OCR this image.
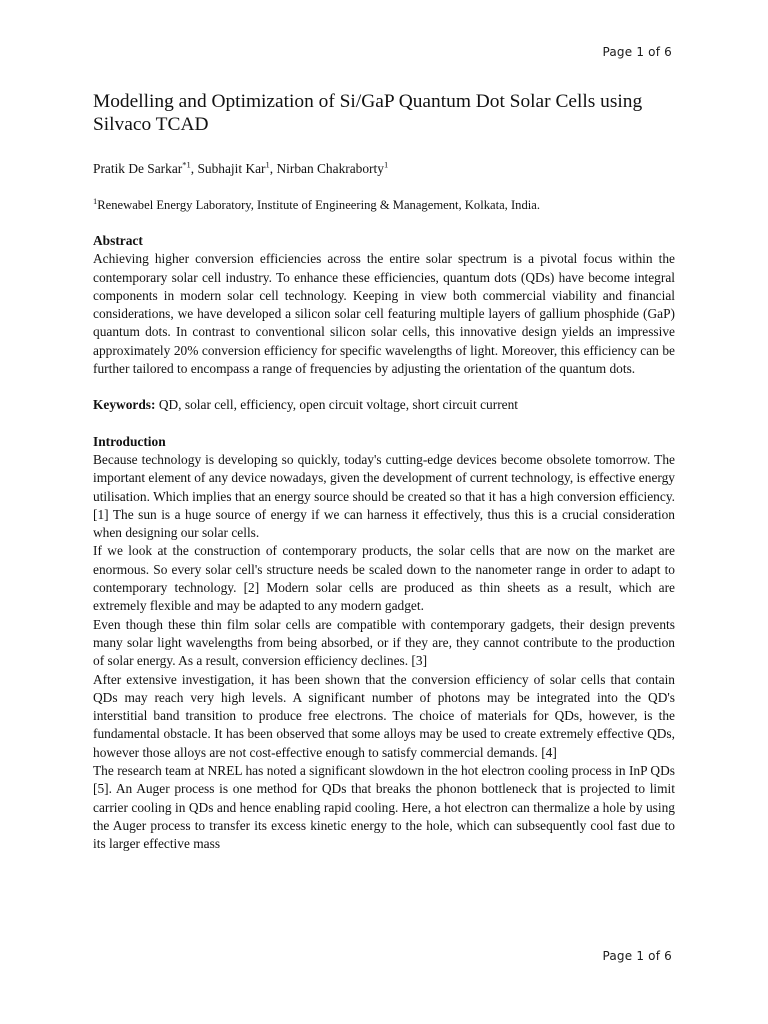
Page 1 of 6
Modelling and Optimization of Si/GaP Quantum Dot Solar Cells using Silvaco TCAD
Pratik De Sarkar$^{*1}$, Subhajit Kar$^1$, Nirban Chakraborty$^1$
$^1$Renewabel Energy Laboratory, Institute of Engineering & Management, Kolkata, India.
Abstract

Achieving higher conversion efficiencies across the entire solar spectrum is a pivotal focus within the contemporary solar cell industry. To enhance these efficiencies, quantum dots (QDs) have become integral components in modern solar cell technology. Keeping in view both commercial viability and financial considerations, we have developed a silicon solar cell featuring multiple layers of gallium phosphide (GaP) quantum dots. In contrast to conventional silicon solar cells, this innovative design yields an impressive approximately 20% conversion efficiency for specific wavelengths of light. Moreover, this efficiency can be further tailored to encompass a range of frequencies by adjusting the orientation of the quantum dots.

Keywords: QD, solar cell, efficiency, open circuit voltage, short circuit current
Introduction

Because technology is developing so quickly, today's cutting-edge devices become obsolete tomorrow. The important element of any device nowadays, given the development of current technology, is effective energy utilisation. Which implies that an energy source should be created so that it has a high conversion efficiency. [1] The sun is a huge source of energy if we can harness it effectively, thus this is a crucial consideration when designing our solar cells.

If we look at the construction of contemporary products, the solar cells that are now on the market are enormous. So every solar cell's structure needs be scaled down to the nanometer range in order to adapt to contemporary technology. [2] Modern solar cells are produced as thin sheets as a result, which are extremely flexible and may be adapted to any modern gadget.

Even though these thin film solar cells are compatible with contemporary gadgets, their design prevents many solar light wavelengths from being absorbed, or if they are, they cannot contribute to the production of solar energy. As a result, conversion efficiency declines. [3]

After extensive investigation, it has been shown that the conversion efficiency of solar cells that contain QDs may reach very high levels. A significant number of photons may be integrated into the QD's interstitial band transition to produce free electrons. The choice of materials for QDs, however, is the fundamental obstacle. It has been observed that some alloys may be used to create extremely effective QDs, however those alloys are not cost-effective enough to satisfy commercial demands. [4]

The research team at NREL has noted a significant slowdown in the hot electron cooling process in InP QDs [5]. An Auger process is one method for QDs that breaks the phonon bottleneck that is projected to limit carrier cooling in QDs and hence enabling rapid cooling. Here, a hot electron can thermalize a hole by using the Auger process to transfer its excess kinetic energy to the hole, which can subsequently cool fast due to its larger effective mass

Page 1 of 6
